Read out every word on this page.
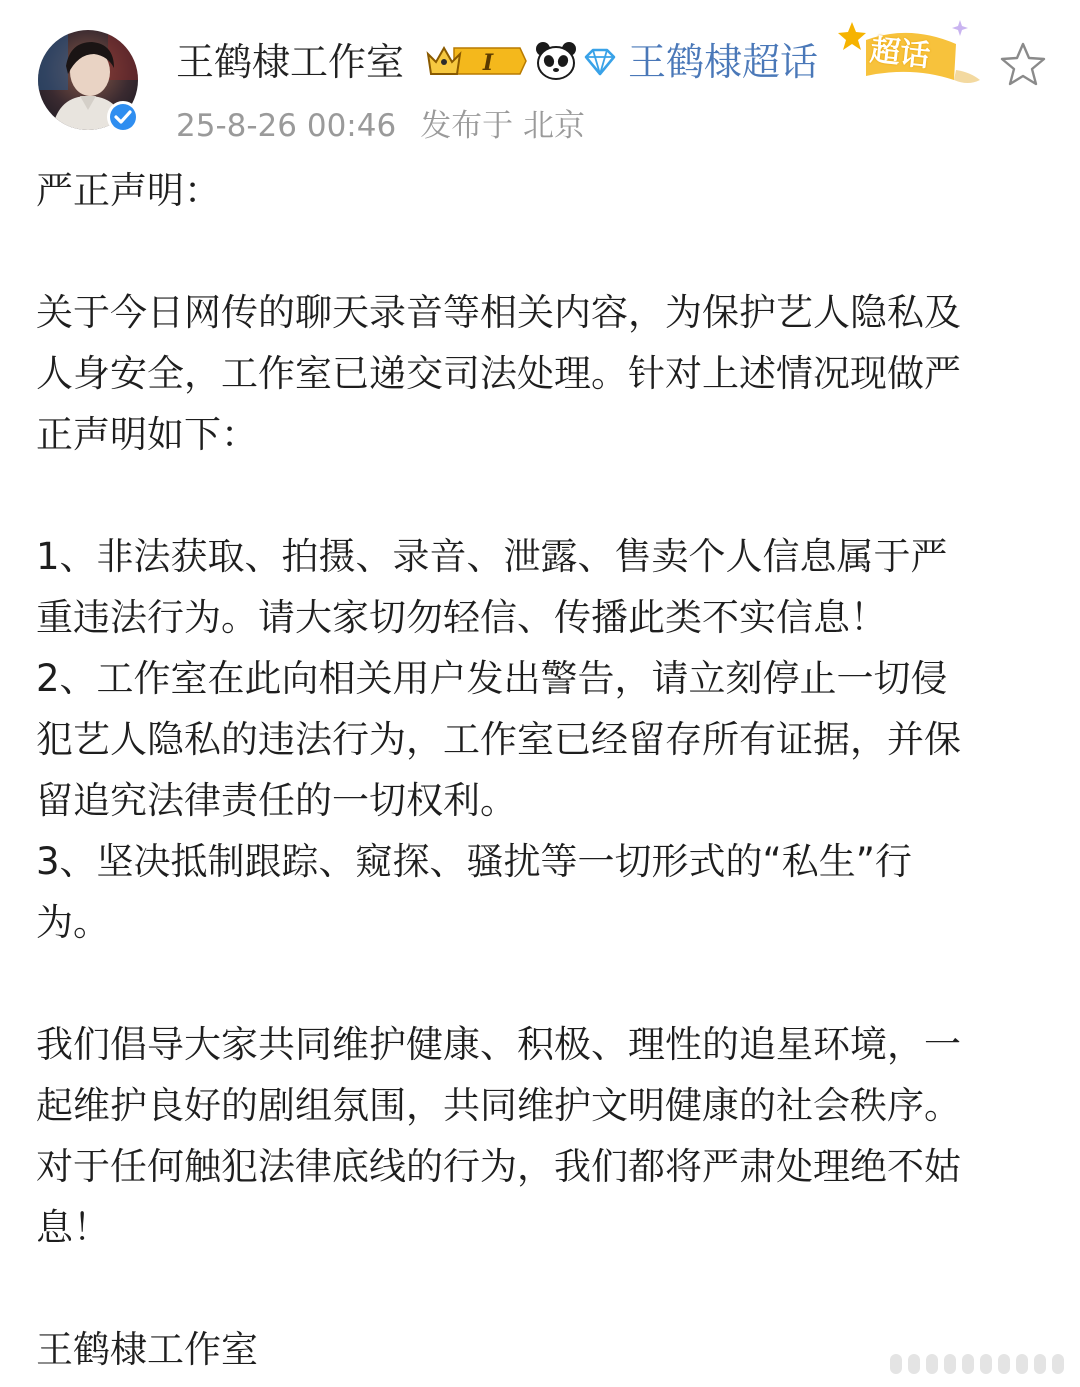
王鹤棣工作室	I	王鹤棣超话 超话
25-8-26 00:46 发布于 北京
严正声明：
关于今日网传的聊天录音等相关内容，为保护艺人隐私及
人身安全，工作室已递交司法处理。针对上述情况现做严
正声明如下：
1、非法获取、拍摄、录音、泄露、售卖个人信息属于严
重违法行为。请大家切勿轻信、传播此类不实信息！
2、工作室在此向相关用户发出警告，请立刻停止一切侵
犯艺人隐私的违法行为，工作室已经留存所有证据，并保
留追究法律责任的一切权利。
3、坚决抵制跟踪、窥探、骚扰等一切形式的“私生”行
为。
我们倡导大家共同维护健康、积极、理性的追星环境，一
起维护良好的剧组氛围，共同维护文明健康的社会秩序。
对于任何触犯法律底线的行为，我们都将严肃处理绝不姑
息！
王鹤棣工作室
